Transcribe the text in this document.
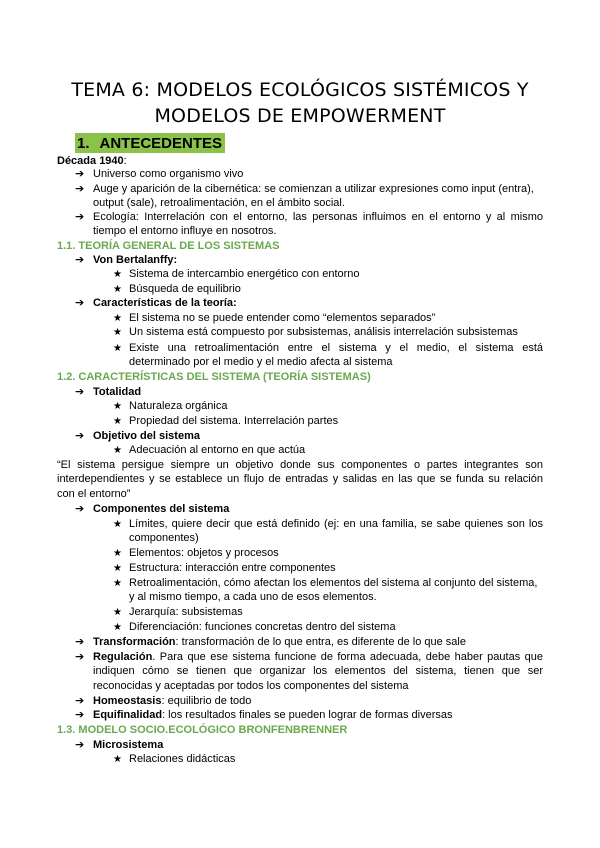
TEMA 6: MODELOS ECOLÓGICOS SISTÉMICOS Y
MODELOS DE EMPOWERMENT
1. ANTECEDENTES
Década 1940:
➔ Universo como organismo vivo
➔ Auge y aparición de la cibernética: se comienzan a utilizar expresiones como input (entra),
output (sale), retroalimentación, en el ámbito social.
➔ Ecología: Interrelación con el entorno, las personas influimos en el entorno y al mismo
tiempo el entorno influye en nosotros.
1.1. TEORÍA GENERAL DE LOS SISTEMAS
➔ Von Bertalanffy:
★ Sistema de intercambio energético con entorno
★ Búsqueda de equilibrio
➔ Características de la teoría:
★ El sistema no se puede entender como “elementos separados”
★ Un sistema está compuesto por subsistemas, análisis interrelación subsistemas
★ Existe una retroalimentación entre el sistema y el medio, el sistema está
determinado por el medio y el medio afecta al sistema
1.2. CARACTERÍSTICAS DEL SISTEMA (TEORÍA SISTEMAS)
➔ Totalidad
★ Naturaleza orgánica
★ Propiedad del sistema. Interrelación partes
➔ Objetivo del sistema
★ Adecuación al entorno en que actúa
“El sistema persigue siempre un objetivo donde sus componentes o partes integrantes son
interdependientes y se establece un flujo de entradas y salidas en las que se funda su relación
con el entorno”
➔ Componentes del sistema
★ Límites, quiere decir que está definido (ej: en una familia, se sabe quienes son los
componentes)
★ Elementos: objetos y procesos
★ Estructura: interacción entre componentes
★ Retroalimentación, cómo afectan los elementos del sistema al conjunto del sistema,
y al mismo tiempo, a cada uno de esos elementos.
★ Jerarquía: subsistemas
★ Diferenciación: funciones concretas dentro del sistema
➔ Transformación: transformación de lo que entra, es diferente de lo que sale
➔ Regulación. Para que ese sistema funcione de forma adecuada, debe haber pautas que
indiquen cómo se tienen que organizar los elementos del sistema, tienen que ser
reconocidas y aceptadas por todos los componentes del sistema
➔ Homeostasis: equilibrio de todo
➔ Equifinalidad: los resultados finales se pueden lograr de formas diversas
1.3. MODELO SOCIO.ECOLÓGICO BRONFENBRENNER
➔ Microsistema
★ Relaciones didácticas
